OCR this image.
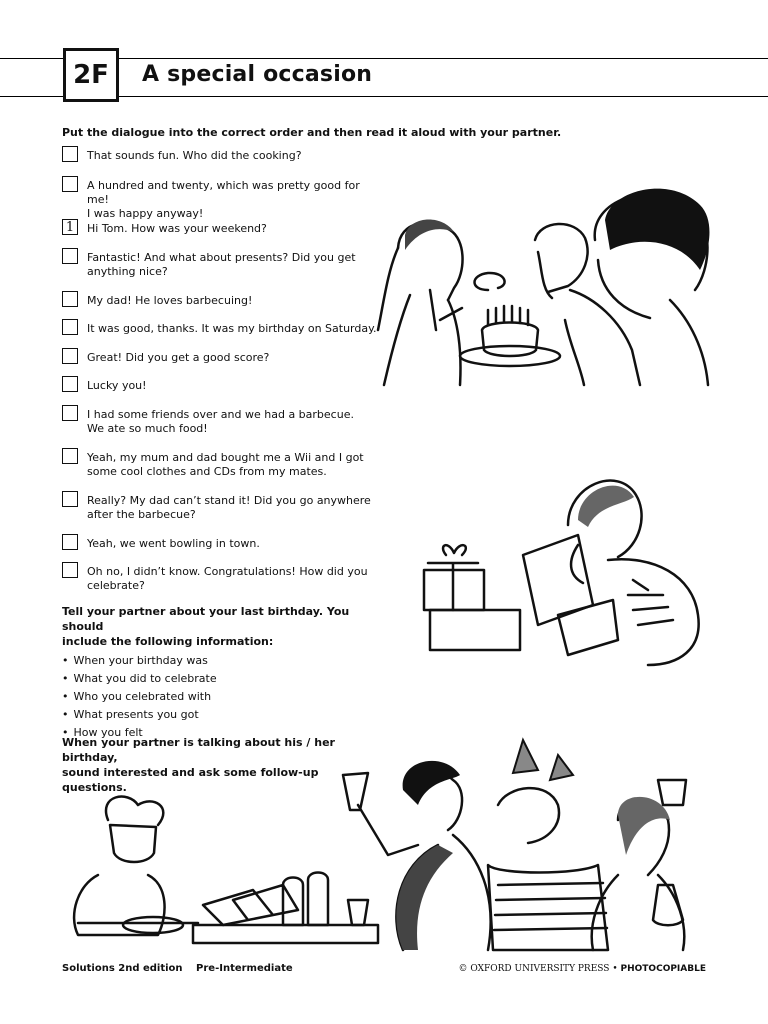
2F	A special occasion
Put the dialogue into the correct order and then read it aloud with your partner.
That sounds fun. Who did the cooking?
A hundred and twenty, which was pretty good for me!
I was happy anyway!
1	Hi Tom. How was your weekend?
Fantastic! And what about presents? Did you get
anything nice?
My dad! He loves barbecuing!
It was good, thanks. It was my birthday on Saturday.
Great! Did you get a good score?
Lucky you!
I had some friends over and we had a barbecue.
We ate so much food!
Yeah, my mum and dad bought me a Wii and I got
some cool clothes and CDs from my mates.
Really? My dad can’t stand it! Did you go anywhere
after the barbecue?
Yeah, we went bowling in town.
Oh no, I didn’t know. Congratulations! How did you
celebrate?
Tell your partner about your last birthday. You should
include the following information:
• When your birthday was
• What you did to celebrate
• Who you celebrated with
• What presents you got
• How you felt
When your partner is talking about his / her birthday,
sound interested and ask some follow-up questions.
Solutions 2nd edition Pre-Intermediate	© OXFORD UNIVERSITY PRESS • PHOTOCOPIABLE
